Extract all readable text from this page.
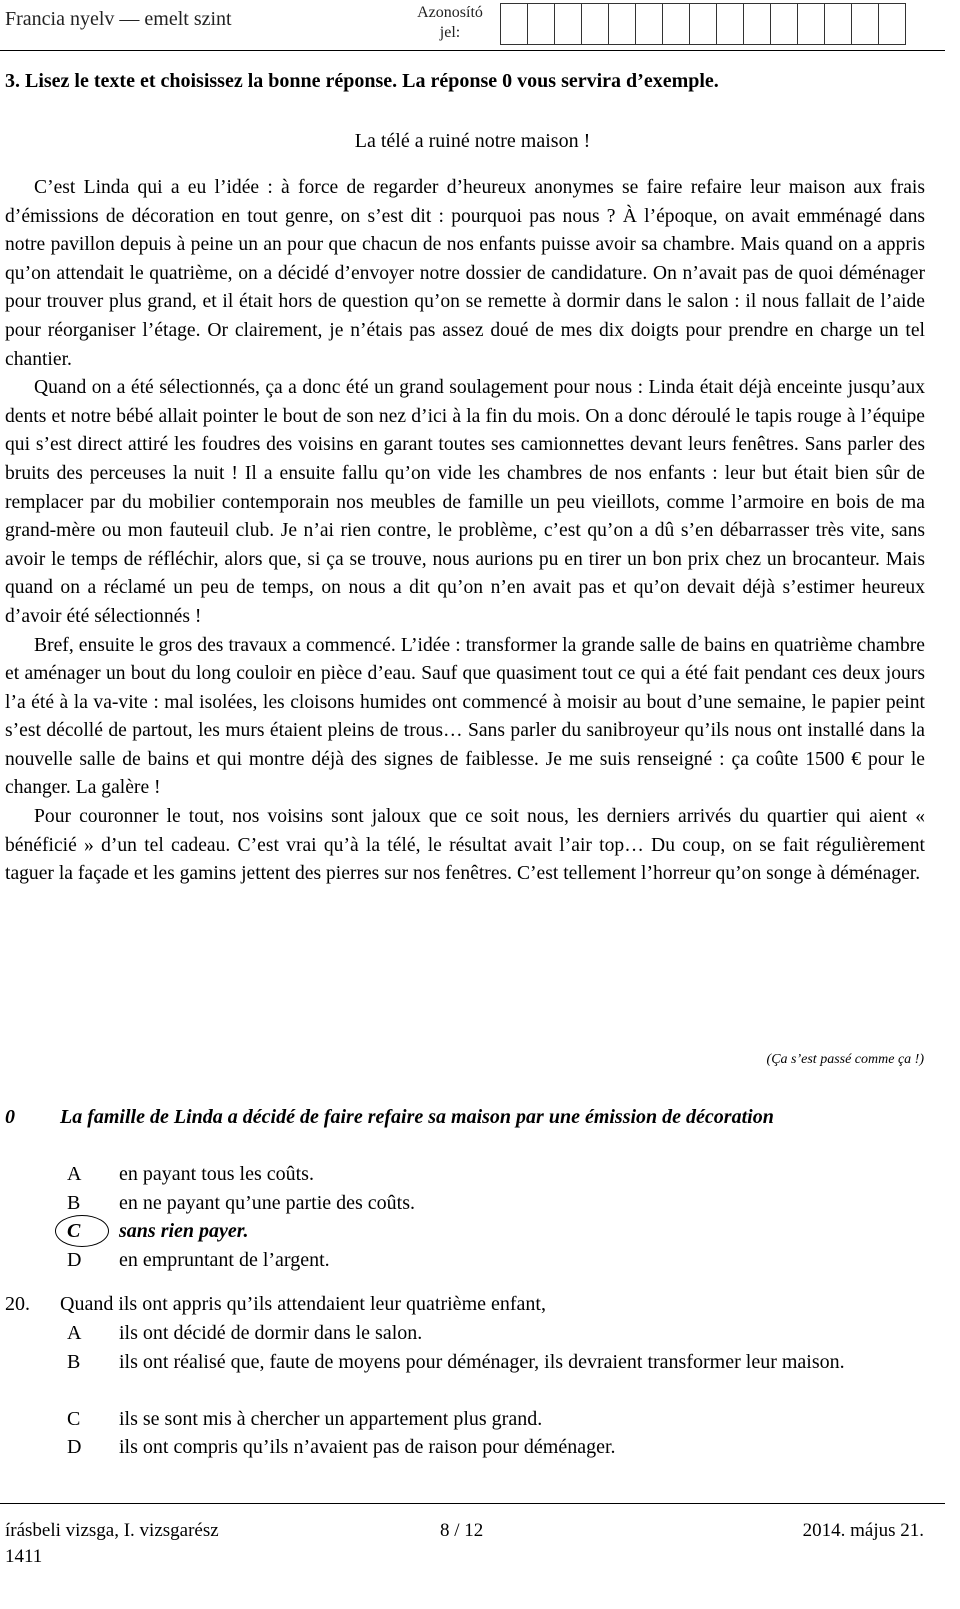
Francia nyelv — emelt szint	Azonosító jel:
3. Lisez le texte et choisissez la bonne réponse. La réponse 0 vous servira d’exemple.
La télé a ruiné notre maison !

C’est Linda qui a eu l’idée : à force de regarder d’heureux anonymes se faire refaire leur maison aux frais d’émissions de décoration en tout genre, on s’est dit : pourquoi pas nous ? À l’époque, on avait emménagé dans notre pavillon depuis à peine un an pour que chacun de nos enfants puisse avoir sa chambre. Mais quand on a appris qu’on attendait le quatrième, on a décidé d’envoyer notre dossier de candidature. On n’avait pas de quoi déménager pour trouver plus grand, et il était hors de question qu’on se remette à dormir dans le salon : il nous fallait de l’aide pour réorganiser l’étage. Or clairement, je n’étais pas assez doué de mes dix doigts pour prendre en charge un tel chantier.

Quand on a été sélectionnés, ça a donc été un grand soulagement pour nous : Linda était déjà enceinte jusqu’aux dents et notre bébé allait pointer le bout de son nez d’ici à la fin du mois. On a donc déroulé le tapis rouge à l’équipe qui s’est direct attiré les foudres des voisins en garant toutes ses camionnettes devant leurs fenêtres. Sans parler des bruits des perceuses la nuit ! Il a ensuite fallu qu’on vide les chambres de nos enfants : leur but était bien sûr de remplacer par du mobilier contemporain nos meubles de famille un peu vieillots, comme l’armoire en bois de ma grand-mère ou mon fauteuil club. Je n’ai rien contre, le problème, c’est qu’on a dû s’en débarrasser très vite, sans avoir le temps de réfléchir, alors que, si ça se trouve, nous aurions pu en tirer un bon prix chez un brocanteur. Mais quand on a réclamé un peu de temps, on nous a dit qu’on n’en avait pas et qu’on devait déjà s’estimer heureux d’avoir été sélectionnés !

Bref, ensuite le gros des travaux a commencé. L’idée : transformer la grande salle de bains en quatrième chambre et aménager un bout du long couloir en pièce d’eau. Sauf que quasiment tout ce qui a été fait pendant ces deux jours l’a été à la va-vite : mal isolées, les cloisons humides ont commencé à moisir au bout d’une semaine, le papier peint s’est décollé de partout, les murs étaient pleins de trous… Sans parler du sanibroyeur qu’ils nous ont installé dans la nouvelle salle de bains et qui montre déjà des signes de faiblesse. Je me suis renseigné : ça coûte 1500 € pour le changer. La galère !

Pour couronner le tout, nos voisins sont jaloux que ce soit nous, les derniers arrivés du quartier qui aient « bénéficié » d’un tel cadeau. C’est vrai qu’à la télé, le résultat avait l’air top… Du coup, on se fait régulièrement taguer la façade et les gamins jettent des pierres sur nos fenêtres. C’est tellement l’horreur qu’on songe à déménager.

(Ça s’est passé comme ça !)
0 La famille de Linda a décidé de faire refaire sa maison par une émission de décoration
A	en payant tous les coûts.
B	en ne payant qu’une partie des coûts.
C	sans rien payer.
D	en empruntant de l’argent.
20. Quand ils ont appris qu’ils attendaient leur quatrième enfant,
A	ils ont décidé de dormir dans le salon.
B	ils ont réalisé que, faute de moyens pour déménager, ils devraient transformer leur maison.
C	ils se sont mis à chercher un appartement plus grand.
D	ils ont compris qu’ils n’avaient pas de raison pour déménager.
írásbeli vizsga, I. vizsgarész	8 / 12	2014. május 21.
1411
